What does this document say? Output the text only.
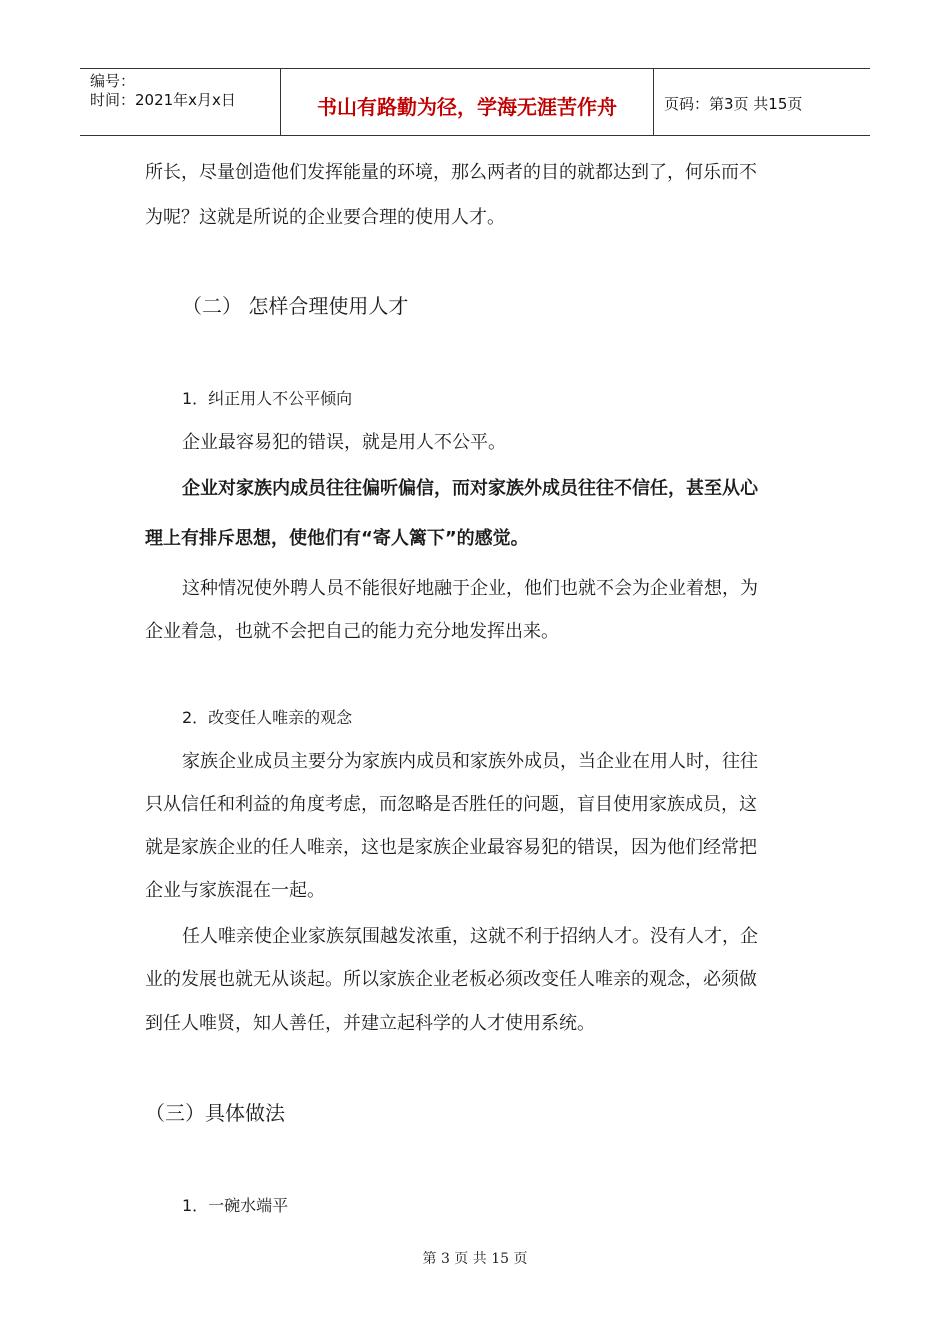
编号：
时间：2021年x月x日	书山有路勤为径，学海无涯苦作舟	页码：第3页 共15页
所长，尽量创造他们发挥能量的环境，那么两者的目的就都达到了，何乐而不
为呢？这就是所说的企业要合理的使用人才。
（二） 怎样合理使用人才
1．纠正用人不公平倾向
企业最容易犯的错误，就是用人不公平。
企业对家族内成员往往偏听偏信，而对家族外成员往往不信任，甚至从心
理上有排斥思想，使他们有“寄人篱下”的感觉。
这种情况使外聘人员不能很好地融于企业，他们也就不会为企业着想，为
企业着急，也就不会把自己的能力充分地发挥出来。
2．改变任人唯亲的观念
家族企业成员主要分为家族内成员和家族外成员，当企业在用人时，往往
只从信任和利益的角度考虑，而忽略是否胜任的问题，盲目使用家族成员，这
就是家族企业的任人唯亲，这也是家族企业最容易犯的错误，因为他们经常把
企业与家族混在一起。
任人唯亲使企业家族氛围越发浓重，这就不利于招纳人才。没有人才，企
业的发展也就无从谈起。所以家族企业老板必须改变任人唯亲的观念，必须做
到任人唯贤，知人善任，并建立起科学的人才使用系统。
（三）具体做法
1．一碗水端平
第 3 页 共 15 页
